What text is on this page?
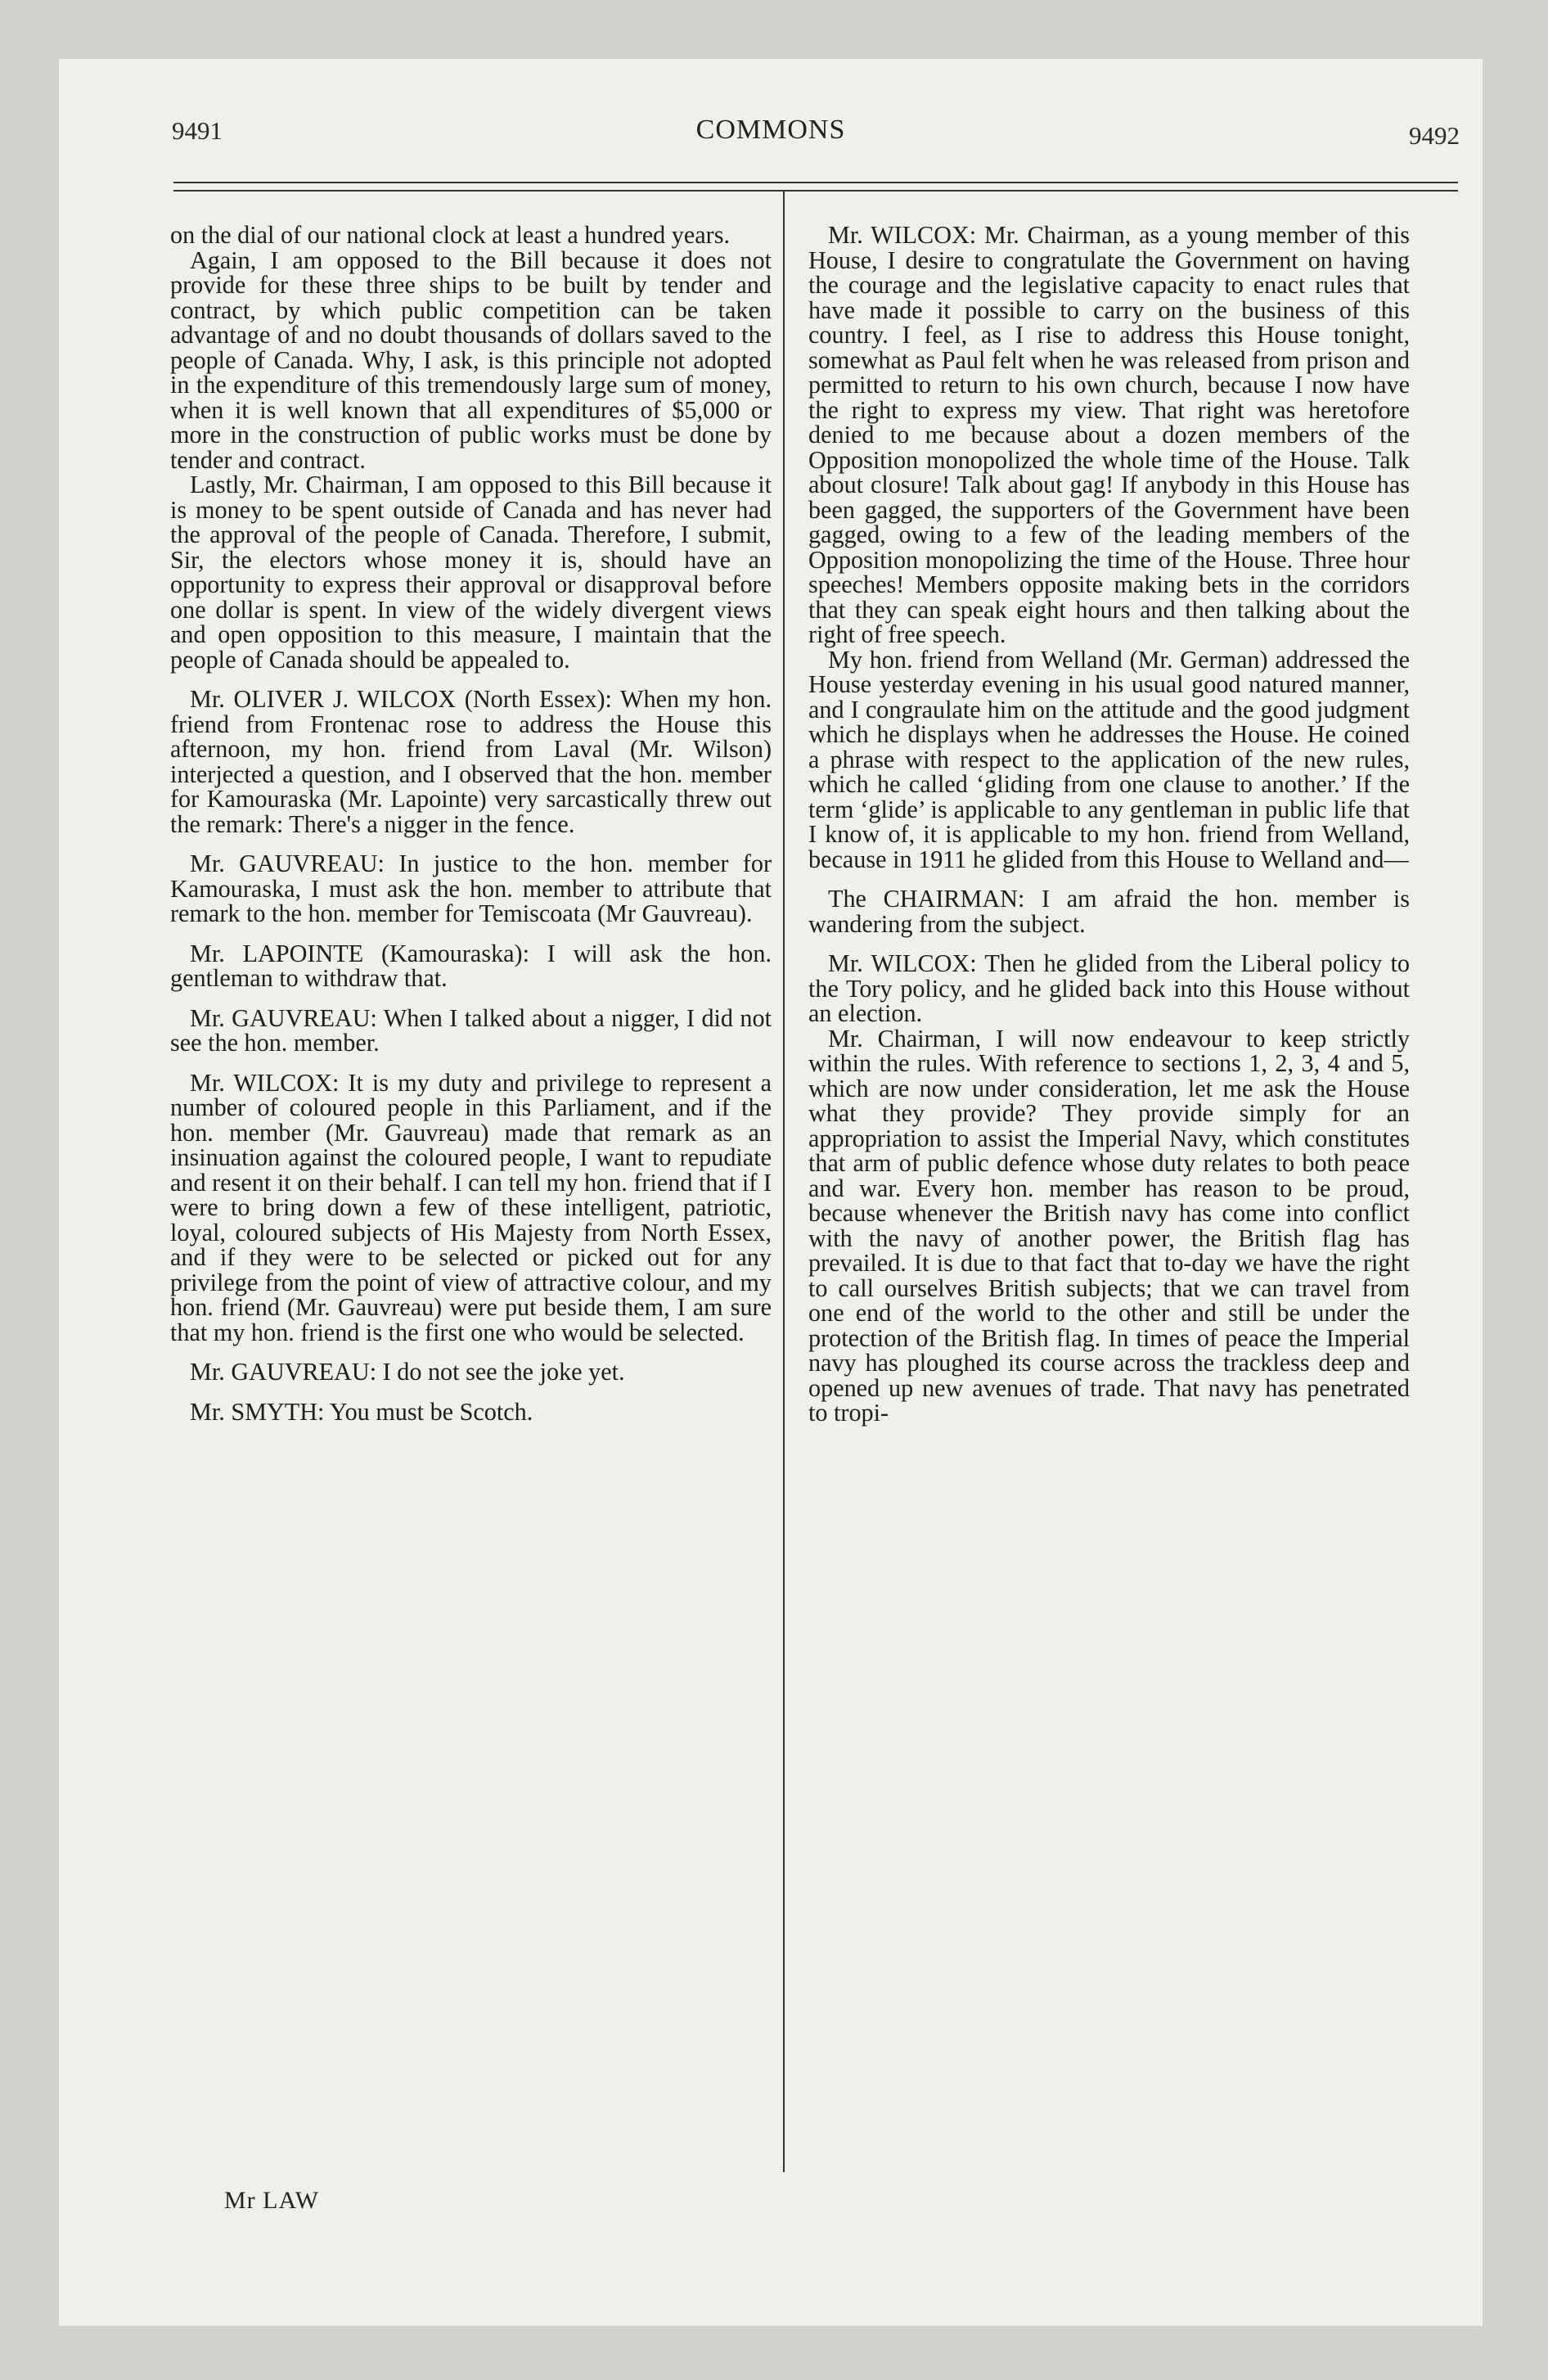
9491	COMMONS	9492

on the dial of our national clock at least a hundred years.

Again, I am opposed to the Bill because it does not provide for these three ships to be built by tender and contract, by which public competition can be taken advantage of and no doubt thousands of dollars saved to the people of Canada. Why, I ask, is this principle not adopted in the expenditure of this tremendously large sum of money, when it is well known that all expenditures of $5,000 or more in the construction of public works must be done by tender and contract.

Lastly, Mr. Chairman, I am opposed to this Bill because it is money to be spent outside of Canada and has never had the approval of the people of Canada. Therefore, I submit, Sir, the electors whose money it is, should have an opportunity to express their approval or disapproval before one dollar is spent. In view of the widely divergent views and open opposition to this measure, I maintain that the people of Canada should be appealed to.

Mr. OLIVER J. WILCOX (North Essex): When my hon. friend from Frontenac rose to address the House this afternoon, my hon. friend from Laval (Mr. Wilson) interjected a question, and I observed that the hon. member for Kamouraska (Mr. Lapointe) very sarcastically threw out the remark: There's a nigger in the fence.

Mr. GAUVREAU: In justice to the hon. member for Kamouraska, I must ask the hon. member to attribute that remark to the hon. member for Temiscoata (Mr Gauvreau).

Mr. LAPOINTE (Kamouraska): I will ask the hon. gentleman to withdraw that.

Mr. GAUVREAU: When I talked about a nigger, I did not see the hon. member.

Mr. WILCOX: It is my duty and privilege to represent a number of coloured people in this Parliament, and if the hon. member (Mr. Gauvreau) made that remark as an insinuation against the coloured people, I want to repudiate and resent it on their behalf. I can tell my hon. friend that if I were to bring down a few of these intelligent, patriotic, loyal, coloured subjects of His Majesty from North Essex, and if they were to be selected or picked out for any privilege from the point of view of attractive colour, and my hon. friend (Mr. Gauvreau) were put beside them, I am sure that my hon. friend is the first one who would be selected.

Mr. GAUVREAU: I do not see the joke yet.

Mr. SMYTH: You must be Scotch.

Mr. WILCOX: Mr. Chairman, as a young member of this House, I desire to congratulate the Government on having the courage and the legislative capacity to enact rules that have made it possible to carry on the business of this country. I feel, as I rise to address this House tonight, somewhat as Paul felt when he was released from prison and permitted to return to his own church, because I now have the right to express my view. That right was heretofore denied to me because about a dozen members of the Opposition monopolized the whole time of the House. Talk about closure! Talk about gag! If anybody in this House has been gagged, the supporters of the Government have been gagged, owing to a few of the leading members of the Opposition monopolizing the time of the House. Three hour speeches! Members opposite making bets in the corridors that they can speak eight hours and then talking about the right of free speech.

My hon. friend from Welland (Mr. German) addressed the House yesterday evening in his usual good natured manner, and I congraulate him on the attitude and the good judgment which he displays when he addresses the House. He coined a phrase with respect to the application of the new rules, which he called ‘gliding from one clause to another.’ If the term ‘glide’ is applicable to any gentleman in public life that I know of, it is applicable to my hon. friend from Welland, because in 1911 he glided from this House to Welland and—

The CHAIRMAN: I am afraid the hon. member is wandering from the subject.

Mr. WILCOX: Then he glided from the Liberal policy to the Tory policy, and he glided back into this House without an election.

Mr. Chairman, I will now endeavour to keep strictly within the rules. With reference to sections 1, 2, 3, 4 and 5, which are now under consideration, let me ask the House what they provide? They provide simply for an appropriation to assist the Imperial Navy, which constitutes that arm of public defence whose duty relates to both peace and war. Every hon. member has reason to be proud, because whenever the British navy has come into conflict with the navy of another power, the British flag has prevailed. It is due to that fact that to-day we have the right to call ourselves British subjects; that we can travel from one end of the world to the other and still be under the protection of the British flag. In times of peace the Imperial navy has ploughed its course across the trackless deep and opened up new avenues of trade. That navy has penetrated to tropi-

Mr LAW
